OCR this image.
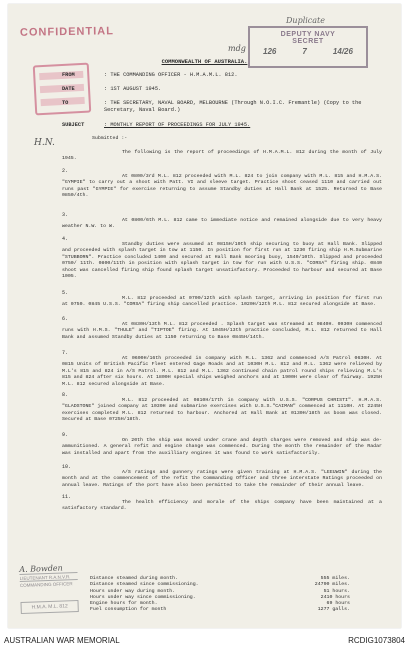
CONFIDENTIAL
Duplicate
mdg
DEPUTY NAVY
SECRET
126	7	14/26
H.N.
COMMONWEALTH OF AUSTRALIA.
FROM	: THE COMMANDING OFFICER - H.M.A.M.L. 812.
DATE	: 1ST AUGUST 1945.
TO	: THE SECRETARY, NAVAL BOARD, MELBOURNE (Through N.O.I.C. Fremantle) (Copy to the Secretary, Naval Board.)
SUBJECT	: MONTHLY REPORT OF PROCEEDINGS FOR JULY 1945.
Submitted :-
The following is the report of proceedings of H.M.A.M.L. 812 during the month of July 1945.
2.
At 0800/3rd M.L. 812 proceeded with M.L. 824 to join company with M.L. 815 and H.M.A.S. "GYMPIE" to carry out a shoot with Patt. VI and sleeve target. Practice shoot ceased 1110 and carried out runs past "GYMPIE" for exercise returning to assume Standby duties at Hall Bank at 1525. Returned to Base 0850/4th.
3.
At 0800/6th M.L. 812 came to immediate notice and remained alongside due to very heavy weather N.W. to W.
4.
Standby duties were assumed at 0815H/10th ship securing to buoy at Hall Bank. Slipped and proceeded with splash target in tow at 1150. In position for first run at 1230 firing ship H.M.Submarine "STUBBORN". Practice concluded 1400 and secured at Hall Bank mooring buoy, 1540/10th. Slipped and proceeded 0750/ 11th. 0800/11th in position with splash target in tow for run with U.S.S. "CORSA" firing ship. 0840 shoot was cancelled firing ship found splash target unsatisfactory. Proceeded to harbour and secured at Base 1005.
5.
M.L. 812 proceeded at 0700/12th with splash target, arriving in position for first run at 0750. 0845 U.S.S. "CORSA" firing ship cancelled practice. 1020H/12th M.L. 812 secured alongside at Base.
6.
At 0830H/13th M.L. 812 proceeded . Splash target was streamed at 0840H. 0930H commenced runs with H.M.S. "THULE" and "TIPTOE" firing. At 1045H/13th practice concluded, M.L. 812 returned to Hall Bank and assumed Standby duties at 1150 returning to Base 0845H/14th.
7.
At 0600H/16th proceeded in company with M.L. 1362 and commenced A/S Patrol 0630H. At 0815 Units of British Pacific Fleet entered Gage Roads and at 1030H M.L. 812 and M.L. 1362 were relieved by M.L's 815 and 824 in A/S Patrol. M.L. 812 and M.L. 1362 continued chain patrol round ships relieving M.L's 815 and 824 after six hours. At 1800H special ships weighed anchors and at 1900H were clear of fairway. 1925H M.L. 812 secured alongside at Base.
8.
M.L. 812 proceeded at 0810H/17th in company with U.S.S. "CORPUS CHRISTI". H.M.A.S. "GLADSTONE" joined company at 1030H and submarine exercises with U.S.S."CAIMAN" commenced at 1110H. At 2245H exercises completed M.L. 812 returned to harbour. Anchored at Hall Bank at 0130H/18th as boom was closed. Secured at Base 0725H/18th.
9.
On 20th the ship was moved under crane and depth charges were removed and ship was de-ammunitioned. A general refit and engine change was commenced. During the month the remainder of the Radar was installed and apart from the auxilliary engines it was found to work satisfactorily.
10.
A/S ratings and gunnery ratings were given training at H.M.A.S. "LEEUWIN" during the month and at the commencement of the refit the Commanding Officer and three interstate Ratings proceeded on annual leave. Ratings of the port have also been permitted to take the remainder of their annual leave.
11.
The health efficiency and morale of the ships company have been maintained at a satisfactory standard.
Distance steamed during month.	555 miles.
Distance steamed since commissioning.	24790 miles.
Hours under way during month.	51 hours.
Hours under way since commissioning.	2410 hours
Engine hours for month.	69 hours
Fuel consumption for month	1277 galls.
A. Bowden
LIEUTENANT R.A.N.V.R.
COMMANDING OFFICER
H.M.A. M.L. 812
AUSTRALIAN WAR MEMORIAL	RCDIG1073804
